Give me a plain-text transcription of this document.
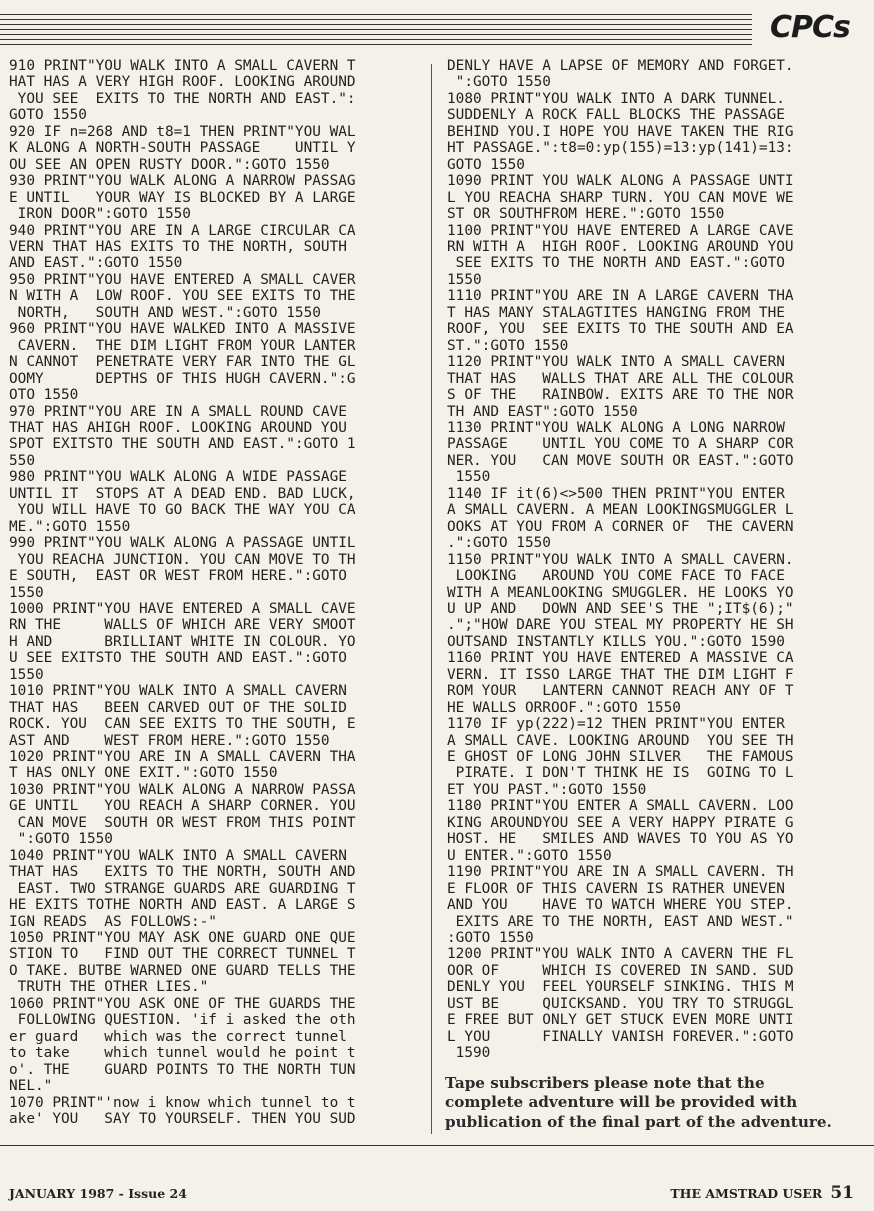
CPCs
910 PRINT"YOU WALK INTO A SMALL CAVERN T
HAT HAS A VERY HIGH ROOF. LOOKING AROUND
YOU SEE  EXITS TO THE NORTH AND EAST.":
GOTO 1550
920 IF n=268 AND t8=1 THEN PRINT"YOU WAL
K ALONG A NORTH-SOUTH PASSAGE    UNTIL Y
OU SEE AN OPEN RUSTY DOOR.":GOTO 1550
930 PRINT"YOU WALK ALONG A NARROW PASSAG
E UNTIL   YOUR WAY IS BLOCKED BY A LARGE
IRON DOOR":GOTO 1550
940 PRINT"YOU ARE IN A LARGE CIRCULAR CA
VERN THAT HAS EXITS TO THE NORTH, SOUTH
AND EAST.":GOTO 1550
950 PRINT"YOU HAVE ENTERED A SMALL CAVER
N WITH A  LOW ROOF. YOU SEE EXITS TO THE
NORTH,   SOUTH AND WEST.":GOTO 1550
960 PRINT"YOU HAVE WALKED INTO A MASSIVE
CAVERN.  THE DIM LIGHT FROM YOUR LANTER
N CANNOT  PENETRATE VERY FAR INTO THE GL
OOMY      DEPTHS OF THIS HUGH CAVERN.":G
OTO 1550
970 PRINT"YOU ARE IN A SMALL ROUND CAVE
THAT HAS AHIGH ROOF. LOOKING AROUND YOU
SPOT EXITSTO THE SOUTH AND EAST.":GOTO 1
550
980 PRINT"YOU WALK ALONG A WIDE PASSAGE
UNTIL IT  STOPS AT A DEAD END. BAD LUCK,
YOU WILL HAVE TO GO BACK THE WAY YOU CA
ME.":GOTO 1550
990 PRINT"YOU WALK ALONG A PASSAGE UNTIL
YOU REACHA JUNCTION. YOU CAN MOVE TO TH
E SOUTH,  EAST OR WEST FROM HERE.":GOTO
1550
1000 PRINT"YOU HAVE ENTERED A SMALL CAVE
RN THE     WALLS OF WHICH ARE VERY SMOOT
H AND      BRILLIANT WHITE IN COLOUR. YO
U SEE EXITSTO THE SOUTH AND EAST.":GOTO
1550
1010 PRINT"YOU WALK INTO A SMALL CAVERN
THAT HAS   BEEN CARVED OUT OF THE SOLID
ROCK. YOU  CAN SEE EXITS TO THE SOUTH, E
AST AND    WEST FROM HERE.":GOTO 1550
1020 PRINT"YOU ARE IN A SMALL CAVERN THA
T HAS ONLY ONE EXIT.":GOTO 1550
1030 PRINT"YOU WALK ALONG A NARROW PASSA
GE UNTIL   YOU REACH A SHARP CORNER. YOU
CAN MOVE  SOUTH OR WEST FROM THIS POINT
":GOTO 1550
1040 PRINT"YOU WALK INTO A SMALL CAVERN
THAT HAS   EXITS TO THE NORTH, SOUTH AND
EAST. TWO STRANGE GUARDS ARE GUARDING T
HE EXITS TOTHE NORTH AND EAST. A LARGE S
IGN READS  AS FOLLOWS:-"
1050 PRINT"YOU MAY ASK ONE GUARD ONE QUE
STION TO   FIND OUT THE CORRECT TUNNEL T
O TAKE. BUTBE WARNED ONE GUARD TELLS THE
TRUTH THE OTHER LIES."
1060 PRINT"YOU ASK ONE OF THE GUARDS THE
FOLLOWING QUESTION. 'if i asked the oth
er guard   which was the correct tunnel
to take    which tunnel would he point t
o'. THE    GUARD POINTS TO THE NORTH TUN
NEL."
1070 PRINT"'now i know which tunnel to t
ake' YOU   SAY TO YOURSELF. THEN YOU SUD
DENLY HAVE A LAPSE OF MEMORY AND FORGET.
":GOTO 1550
1080 PRINT"YOU WALK INTO A DARK TUNNEL.
SUDDENLY A ROCK FALL BLOCKS THE PASSAGE
BEHIND YOU.I HOPE YOU HAVE TAKEN THE RIG
HT PASSAGE.":t8=0:yp(155)=13:yp(141)=13:
GOTO 1550
1090 PRINT YOU WALK ALONG A PASSAGE UNTI
L YOU REACHA SHARP TURN. YOU CAN MOVE WE
ST OR SOUTHFROM HERE.":GOTO 1550
1100 PRINT"YOU HAVE ENTERED A LARGE CAVE
RN WITH A  HIGH ROOF. LOOKING AROUND YOU
SEE EXITS TO THE NORTH AND EAST.":GOTO
1550
1110 PRINT"YOU ARE IN A LARGE CAVERN THA
T HAS MANY STALAGTITES HANGING FROM THE
ROOF, YOU  SEE EXITS TO THE SOUTH AND EA
ST.":GOTO 1550
1120 PRINT"YOU WALK INTO A SMALL CAVERN
THAT HAS   WALLS THAT ARE ALL THE COLOUR
S OF THE   RAINBOW. EXITS ARE TO THE NOR
TH AND EAST":GOTO 1550
1130 PRINT"YOU WALK ALONG A LONG NARROW
PASSAGE    UNTIL YOU COME TO A SHARP COR
NER. YOU   CAN MOVE SOUTH OR EAST.":GOTO
1550
1140 IF it(6)<>500 THEN PRINT"YOU ENTER
A SMALL CAVERN. A MEAN LOOKINGSMUGGLER L
OOKS AT YOU FROM A CORNER OF  THE CAVERN
.":GOTO 1550
1150 PRINT"YOU WALK INTO A SMALL CAVERN.
LOOKING   AROUND YOU COME FACE TO FACE
WITH A MEANLOOKING SMUGGLER. HE LOOKS YO
U UP AND   DOWN AND SEE'S THE ";IT$(6);"
.";"HOW DARE YOU STEAL MY PROPERTY HE SH
OUTSAND INSTANTLY KILLS YOU.":GOTO 1590
1160 PRINT YOU HAVE ENTERED A MASSIVE CA
VERN. IT ISSO LARGE THAT THE DIM LIGHT F
ROM YOUR   LANTERN CANNOT REACH ANY OF T
HE WALLS ORROOF.":GOTO 1550
1170 IF yp(222)=12 THEN PRINT"YOU ENTER
A SMALL CAVE. LOOKING AROUND  YOU SEE TH
E GHOST OF LONG JOHN SILVER   THE FAMOUS
PIRATE. I DON'T THINK HE IS  GOING TO L
ET YOU PAST.":GOTO 1550
1180 PRINT"YOU ENTER A SMALL CAVERN. LOO
KING AROUNDYOU SEE A VERY HAPPY PIRATE G
HOST. HE   SMILES AND WAVES TO YOU AS YO
U ENTER.":GOTO 1550
1190 PRINT"YOU ARE IN A SMALL CAVERN. TH
E FLOOR OF THIS CAVERN IS RATHER UNEVEN
AND YOU    HAVE TO WATCH WHERE YOU STEP.
EXITS ARE TO THE NORTH, EAST AND WEST."
:GOTO 1550
1200 PRINT"YOU WALK INTO A CAVERN THE FL
OOR OF     WHICH IS COVERED IN SAND. SUD
DENLY YOU  FEEL YOURSELF SINKING. THIS M
UST BE     QUICKSAND. YOU TRY TO STRUGGL
E FREE BUT ONLY GET STUCK EVEN MORE UNTI
L YOU      FINALLY VANISH FOREVER.":GOTO
1590
Tape subscribers please note that the complete adventure will be provided with publication of the final part of the adventure.
JANUARY 1987 - Issue 24	THE AMSTRAD USER 51
